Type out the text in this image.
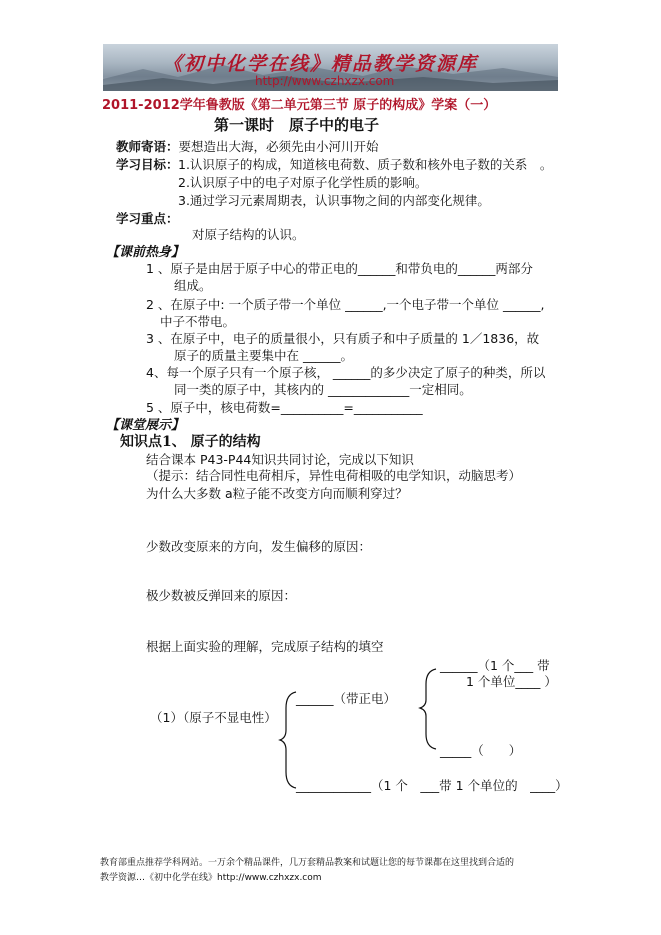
《初中化学在线》精品教学资源库
http://www.czhxzx.com
2011-2012学年鲁教版《第二单元第三节 原子的构成》学案（一）
第一课时　原子中的电子
教师寄语：要想造出大海，必须先由小河川开始
学习目标： 1.认识原子的构成，知道核电荷数、质子数和核外电子数的关系　。
2.认识原子中的电子对原子化学性质的影响。
3.通过学习元素周期表，认识事物之间的内部变化规律。
学习重点：
对原子结构的认识。
【课前热身】
1 、原子是由居于原子中心的带正电的______和带负电的______两部分
组成。
2 、在原子中: 一个质子带一个单位 ______,一个电子带一个单位 ______,
中子不带电。
3 、在原子中，电子的质量很小，只有质子和中子质量的 1／1836，故
原子的质量主要集中在 ______。
4、每一个原子只有一个原子核， ______的多少决定了原子的种类，所以
同一类的原子中，其核内的 _____________一定相同。
5 、原子中，核电荷数=__________=___________
【课堂展示】
知识点1、 原子的结构
结合课本 P43-P44知识共同讨论，完成以下知识
（提示：结合同性电荷相斥，异性电荷相吸的电学知识，动脑思考）
为什么大多数 a粒子能不改变方向而顺利穿过？
少数改变原来的方向，发生偏移的原因：
极少数被反弹回来的原因：
根据上面实验的理解，完成原子结构的填空
______（1 个___ 带
1 个单位____ ）
______（带正电）
（1）（原子不显电性）
_____（　　）
____________（1 个　___带 1 个单位的　____）
教育部重点推荐学科网站。一万余个精品课件，几万套精品教案和试题让您的每节课都在这里找到合适的
教学资源…《初中化学在线》http://www.czhxzx.com
